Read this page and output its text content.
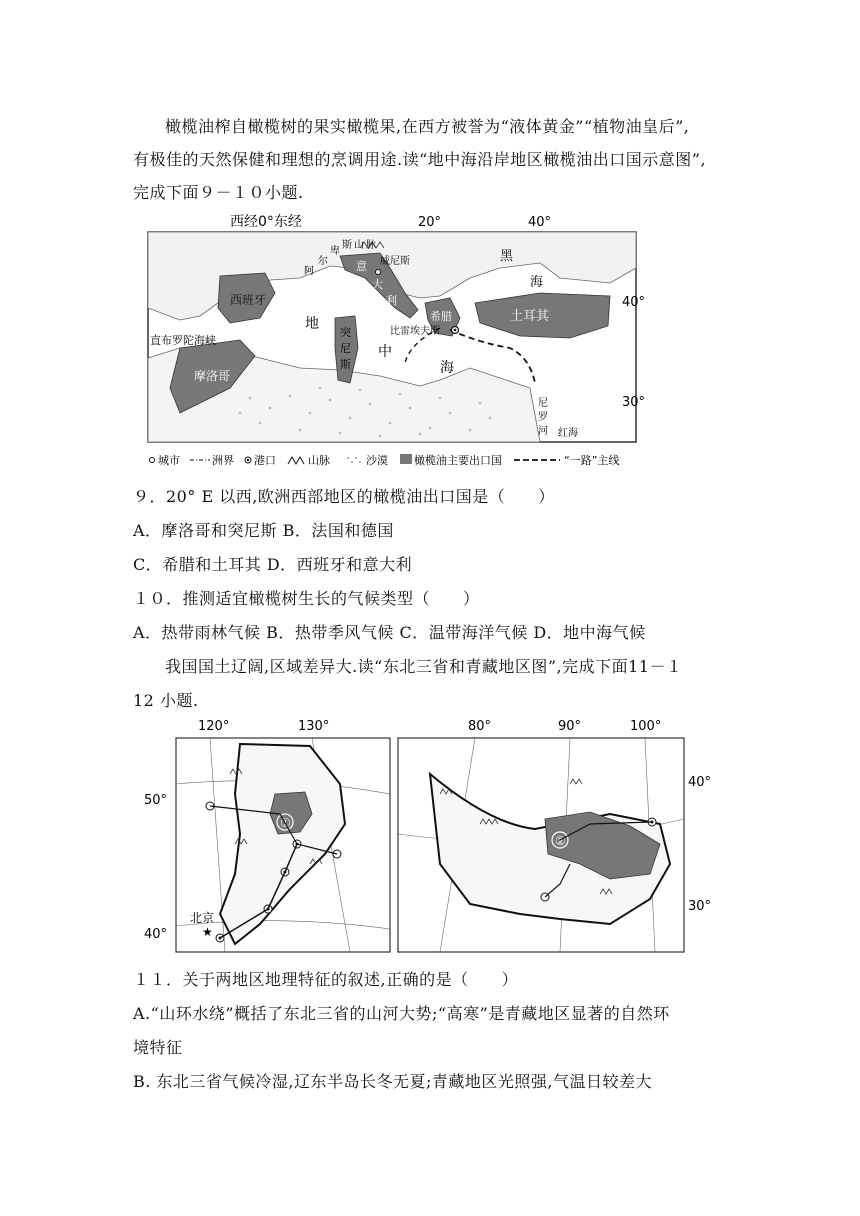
橄榄油榨自橄榄树的果实橄榄果,在西方被誉为“液体黄金”“植物油皇后”,
有极佳的天然保健和理想的烹调用途.读“地中海沿岸地区橄榄油出口国示意图”,
完成下面９－１０小题.
西经0°东经	20°	40°
40°
30°
西班牙
摩洛哥
直布罗陀海峡
突
尼
斯
土耳其
黑
海
地
中
海
希腊
比雷埃夫斯
威尼斯
意
大
利
阿
尔
卑
斯 山 脉
尼
罗
河 红海
城市	洲界 港口	山脉	沙漠 橄榄油主要出口国	“一路”主线
９．20° E 以西,欧洲西部地区的橄榄油出口国是（　　）
A．摩洛哥和突尼斯 B．法国和德国
C．希腊和土耳其 D．西班牙和意大利
１０．推测适宜橄榄树生长的气候类型（　　）
A．热带雨林气候 B．热带季风气候 C．温带海洋气候 D．地中海气候
我国国土辽阔,区域差异大.读“东北三省和青藏地区图”,完成下面11－１
12 小题.
120°	130°
50°
40°
①
北京
★
80°	90°	100°
40°
30°
②
１１．关于两地区地理特征的叙述,正确的是（　　）
A.“山环水绕”概括了东北三省的山河大势;“高寒”是青藏地区显著的自然环
境特征
B. 东北三省气候冷湿,辽东半岛长冬无夏;青藏地区光照强,气温日较差大
